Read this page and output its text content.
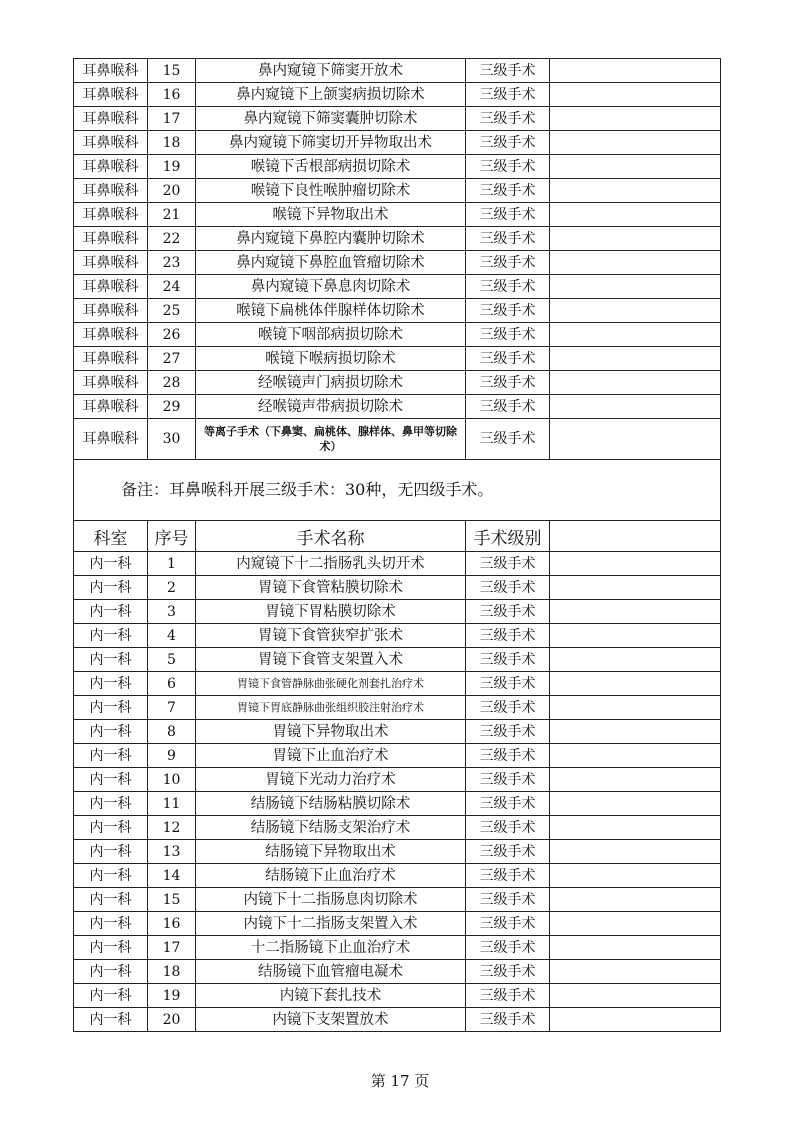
耳鼻喉科	15	鼻内窥镜下筛窦开放术	三级手术	
耳鼻喉科	16	鼻内窥镜下上颌窦病损切除术	三级手术	
耳鼻喉科	17	鼻内窥镜下筛窦囊肿切除术	三级手术	
耳鼻喉科	18	鼻内窥镜下筛窦切开异物取出术	三级手术	
耳鼻喉科	19	喉镜下舌根部病损切除术	三级手术	
耳鼻喉科	20	喉镜下良性喉肿瘤切除术	三级手术	
耳鼻喉科	21	喉镜下异物取出术	三级手术	
耳鼻喉科	22	鼻内窥镜下鼻腔内囊肿切除术	三级手术	
耳鼻喉科	23	鼻内窥镜下鼻腔血管瘤切除术	三级手术	
耳鼻喉科	24	鼻内窥镜下鼻息肉切除术	三级手术	
耳鼻喉科	25	喉镜下扁桃体伴腺样体切除术	三级手术	
耳鼻喉科	26	喉镜下咽部病损切除术	三级手术	
耳鼻喉科	27	喉镜下喉病损切除术	三级手术	
耳鼻喉科	28	经喉镜声门病损切除术	三级手术	
耳鼻喉科	29	经喉镜声带病损切除术	三级手术	
耳鼻喉科	30	等离子手术（下鼻窦、扁桃体、腺样体、鼻甲等切除术）	三级手术	
备注：耳鼻喉科开展三级手术：30种，无四级手术。				
科室	序号	手术名称	手术级别	
内一科	1	内窥镜下十二指肠乳头切开术	三级手术	
内一科	2	胃镜下食管粘膜切除术	三级手术	
内一科	3	胃镜下胃粘膜切除术	三级手术	
内一科	4	胃镜下食管狭窄扩张术	三级手术	
内一科	5	胃镜下食管支架置入术	三级手术	
内一科	6	胃镜下食管静脉曲张硬化剂套扎治疗术	三级手术	
内一科	7	胃镜下胃底静脉曲张组织胶注射治疗术	三级手术	
内一科	8	胃镜下异物取出术	三级手术	
内一科	9	胃镜下止血治疗术	三级手术	
内一科	10	胃镜下光动力治疗术	三级手术	
内一科	11	结肠镜下结肠粘膜切除术	三级手术	
内一科	12	结肠镜下结肠支架治疗术	三级手术	
内一科	13	结肠镜下异物取出术	三级手术	
内一科	14	结肠镜下止血治疗术	三级手术	
内一科	15	内镜下十二指肠息肉切除术	三级手术	
内一科	16	内镜下十二指肠支架置入术	三级手术	
内一科	17	十二指肠镜下止血治疗术	三级手术	
内一科	18	结肠镜下血管瘤电凝术	三级手术	
内一科	19	内镜下套扎技术	三级手术	
内一科	20	内镜下支架置放术	三级手术	
第 17 页
